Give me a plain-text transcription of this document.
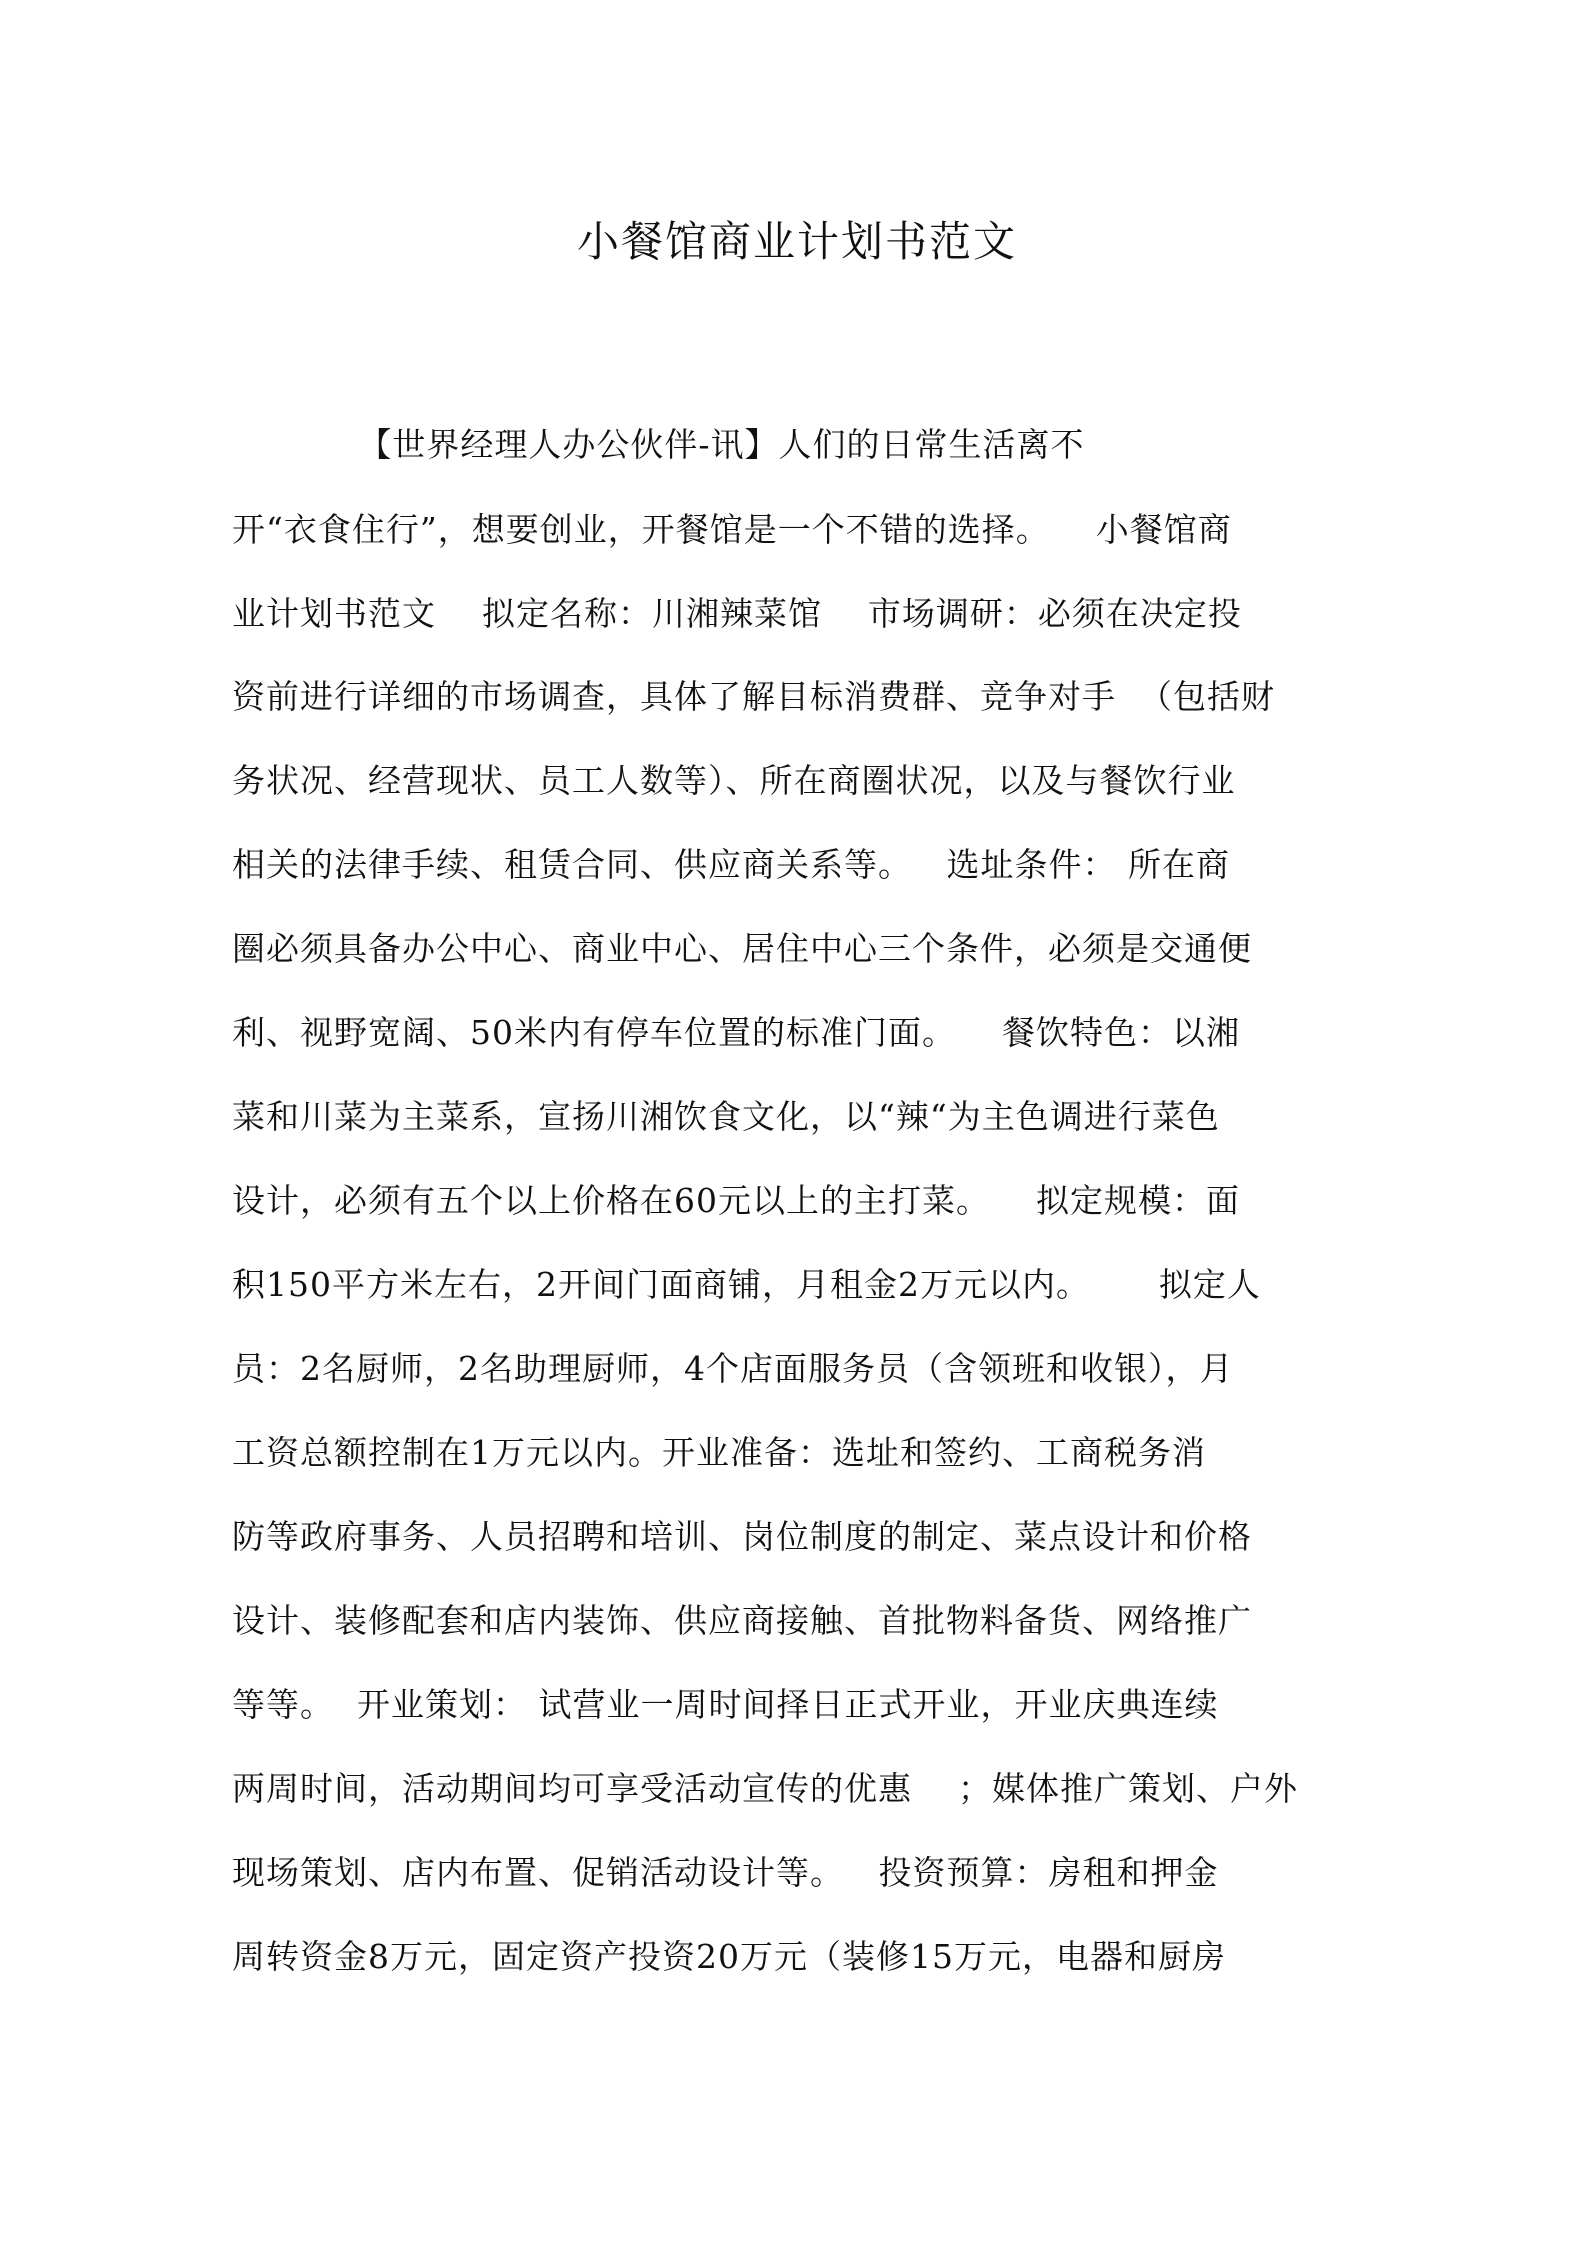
小餐馆商业计划书范文
【世界经理人办公伙伴-讯】人们的日常生活离不
开“衣食住行”，想要创业，开餐馆是一个不错的选择。    小餐馆商
业计划书范文    拟定名称：川湘辣菜馆    市场调研：必须在决定投
资前进行详细的市场调查，具体了解目标消费群、竞争对手  （包括财
务状况、经营现状、员工人数等）、所在商圈状况，以及与餐饮行业
相关的法律手续、租赁合同、供应商关系等。   选址条件： 所在商
圈必须具备办公中心、商业中心、居住中心三个条件，必须是交通便
利、视野宽阔、50米内有停车位置的标准门面。    餐饮特色：以湘
菜和川菜为主菜系，宣扬川湘饮食文化，以“辣“为主色调进行菜色
设计，必须有五个以上价格在60元以上的主打菜。    拟定规模：面
积150平方米左右，2开间门面商铺，月租金2万元以内。      拟定人
员：2名厨师，2名助理厨师，4个店面服务员（含领班和收银），月
工资总额控制在1万元以内。开业准备：选址和签约、工商税务消
防等政府事务、人员招聘和培训、岗位制度的制定、菜点设计和价格
设计、装修配套和店内装饰、供应商接触、首批物料备货、网络推广
等等。  开业策划： 试营业一周时间择日正式开业，开业庆典连续
两周时间，活动期间均可享受活动宣传的优惠    ；媒体推广策划、户外
现场策划、店内布置、促销活动设计等。   投资预算：房租和押金
周转资金8万元，固定资产投资20万元（装修15万元，电器和厨房
